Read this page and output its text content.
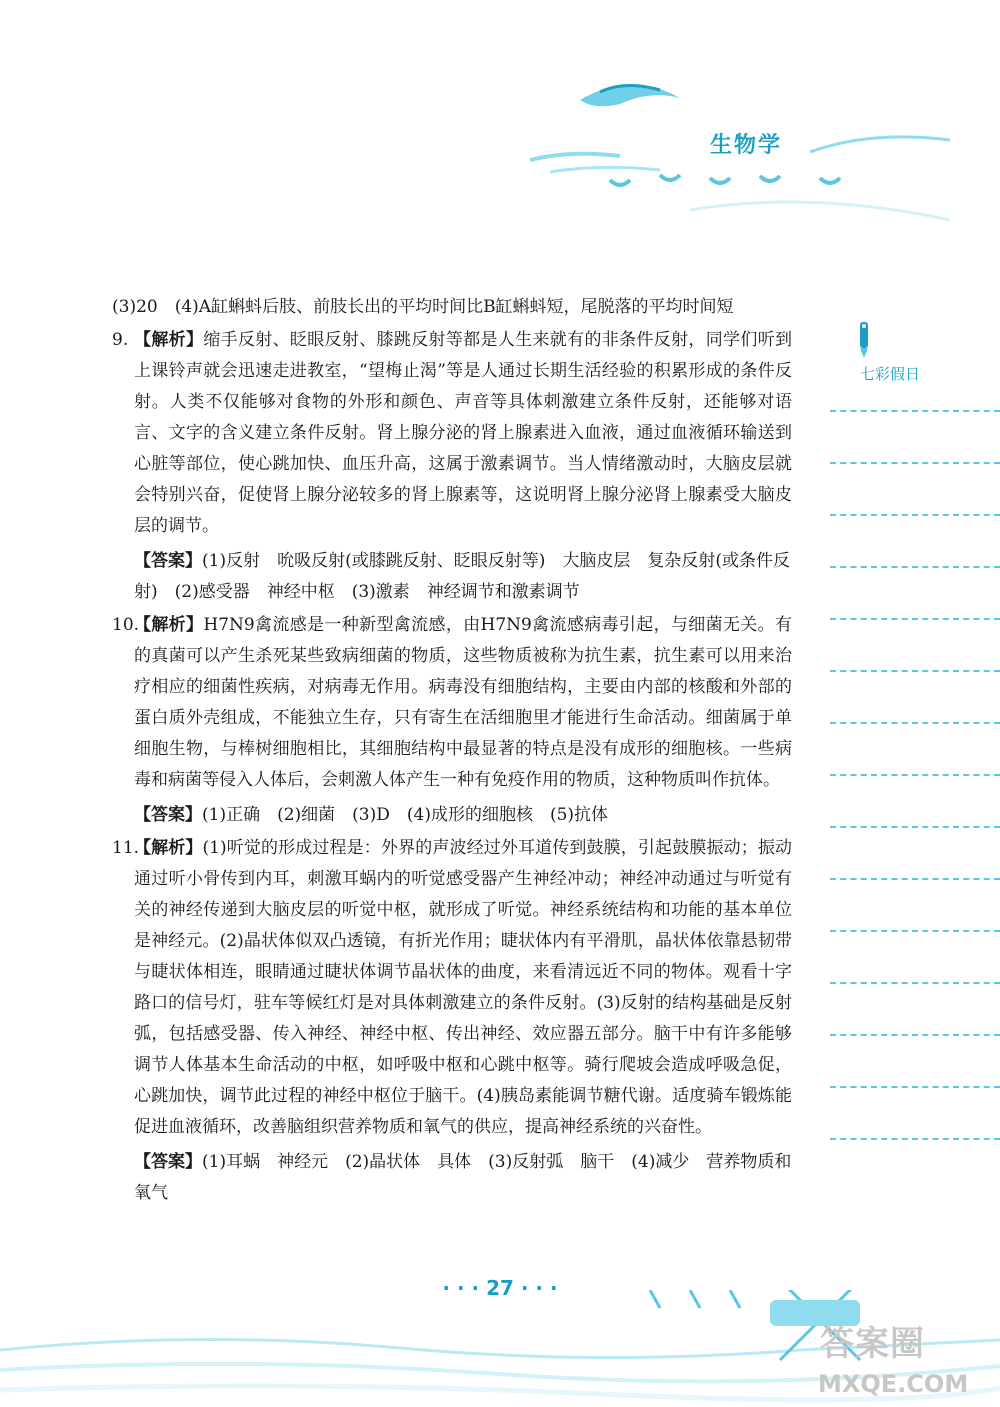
生物学

(3)20　(4)A缸蝌蚪后肢、前肢长出的平均时间比B缸蝌蚪短，尾脱落的平均时间短

9. 【解析】缩手反射、眨眼反射、膝跳反射等都是人生来就有的非条件反射，同学们听到上课铃声就会迅速走进教室，“望梅止渴”等是人通过长期生活经验的积累形成的条件反射。人类不仅能够对食物的外形和颜色、声音等具体刺激建立条件反射，还能够对语言、文字的含义建立条件反射。肾上腺分泌的肾上腺素进入血液，通过血液循环输送到心脏等部位，使心跳加快、血压升高，这属于激素调节。当人情绪激动时，大脑皮层就会特别兴奋，促使肾上腺分泌较多的肾上腺素等，这说明肾上腺分泌肾上腺素受大脑皮层的调节。
【答案】(1)反射　吮吸反射(或膝跳反射、眨眼反射等)　大脑皮层　复杂反射(或条件反射)　(2)感受器　神经中枢　(3)激素　神经调节和激素调节
10.
【解析】H7N9禽流感是一种新型禽流感，由H7N9禽流感病毒引起，与细菌无关。有的真菌可以产生杀死某些致病细菌的物质，这些物质被称为抗生素，抗生素可以用来治疗相应的细菌性疾病，对病毒无作用。病毒没有细胞结构，主要由内部的核酸和外部的蛋白质外壳组成，不能独立生存，只有寄生在活细胞里才能进行生命活动。细菌属于单细胞生物，与棒树细胞相比，其细胞结构中最显著的特点是没有成形的细胞核。一些病毒和病菌等侵入人体后，会刺激人体产生一种有免疫作用的物质，这种物质叫作抗体。
【答案】(1)正确　(2)细菌　(3)D　(4)成形的细胞核　(5)抗体
11.
【解析】(1)听觉的形成过程是：外界的声波经过外耳道传到鼓膜，引起鼓膜振动；振动通过听小骨传到内耳，刺激耳蜗内的听觉感受器产生神经冲动；神经冲动通过与听觉有关的神经传递到大脑皮层的听觉中枢，就形成了听觉。神经系统结构和功能的基本单位是神经元。(2)晶状体似双凸透镜，有折光作用；睫状体内有平滑肌，晶状体依靠悬韧带与睫状体相连，眼睛通过睫状体调节晶状体的曲度，来看清远近不同的物体。观看十字路口的信号灯，驻车等候红灯是对具体刺激建立的条件反射。(3)反射的结构基础是反射弧，包括感受器、传入神经、神经中枢、传出神经、效应器五部分。脑干中有许多能够调节人体基本生命活动的中枢，如呼吸中枢和心跳中枢等。骑行爬坡会造成呼吸急促，心跳加快，调节此过程的神经中枢位于脑干。(4)胰岛素能调节糖代谢。适度骑车锻炼能促进血液循环，改善脑组织营养物质和氧气的供应，提高神经系统的兴奋性。
【答案】(1)耳蜗　神经元　(2)晶状体　具体　(3)反射弧　脑干　(4)减少　营养物质和氧气
七彩假日
· · · 27 · · ·
答案圈
MXQE.COM
